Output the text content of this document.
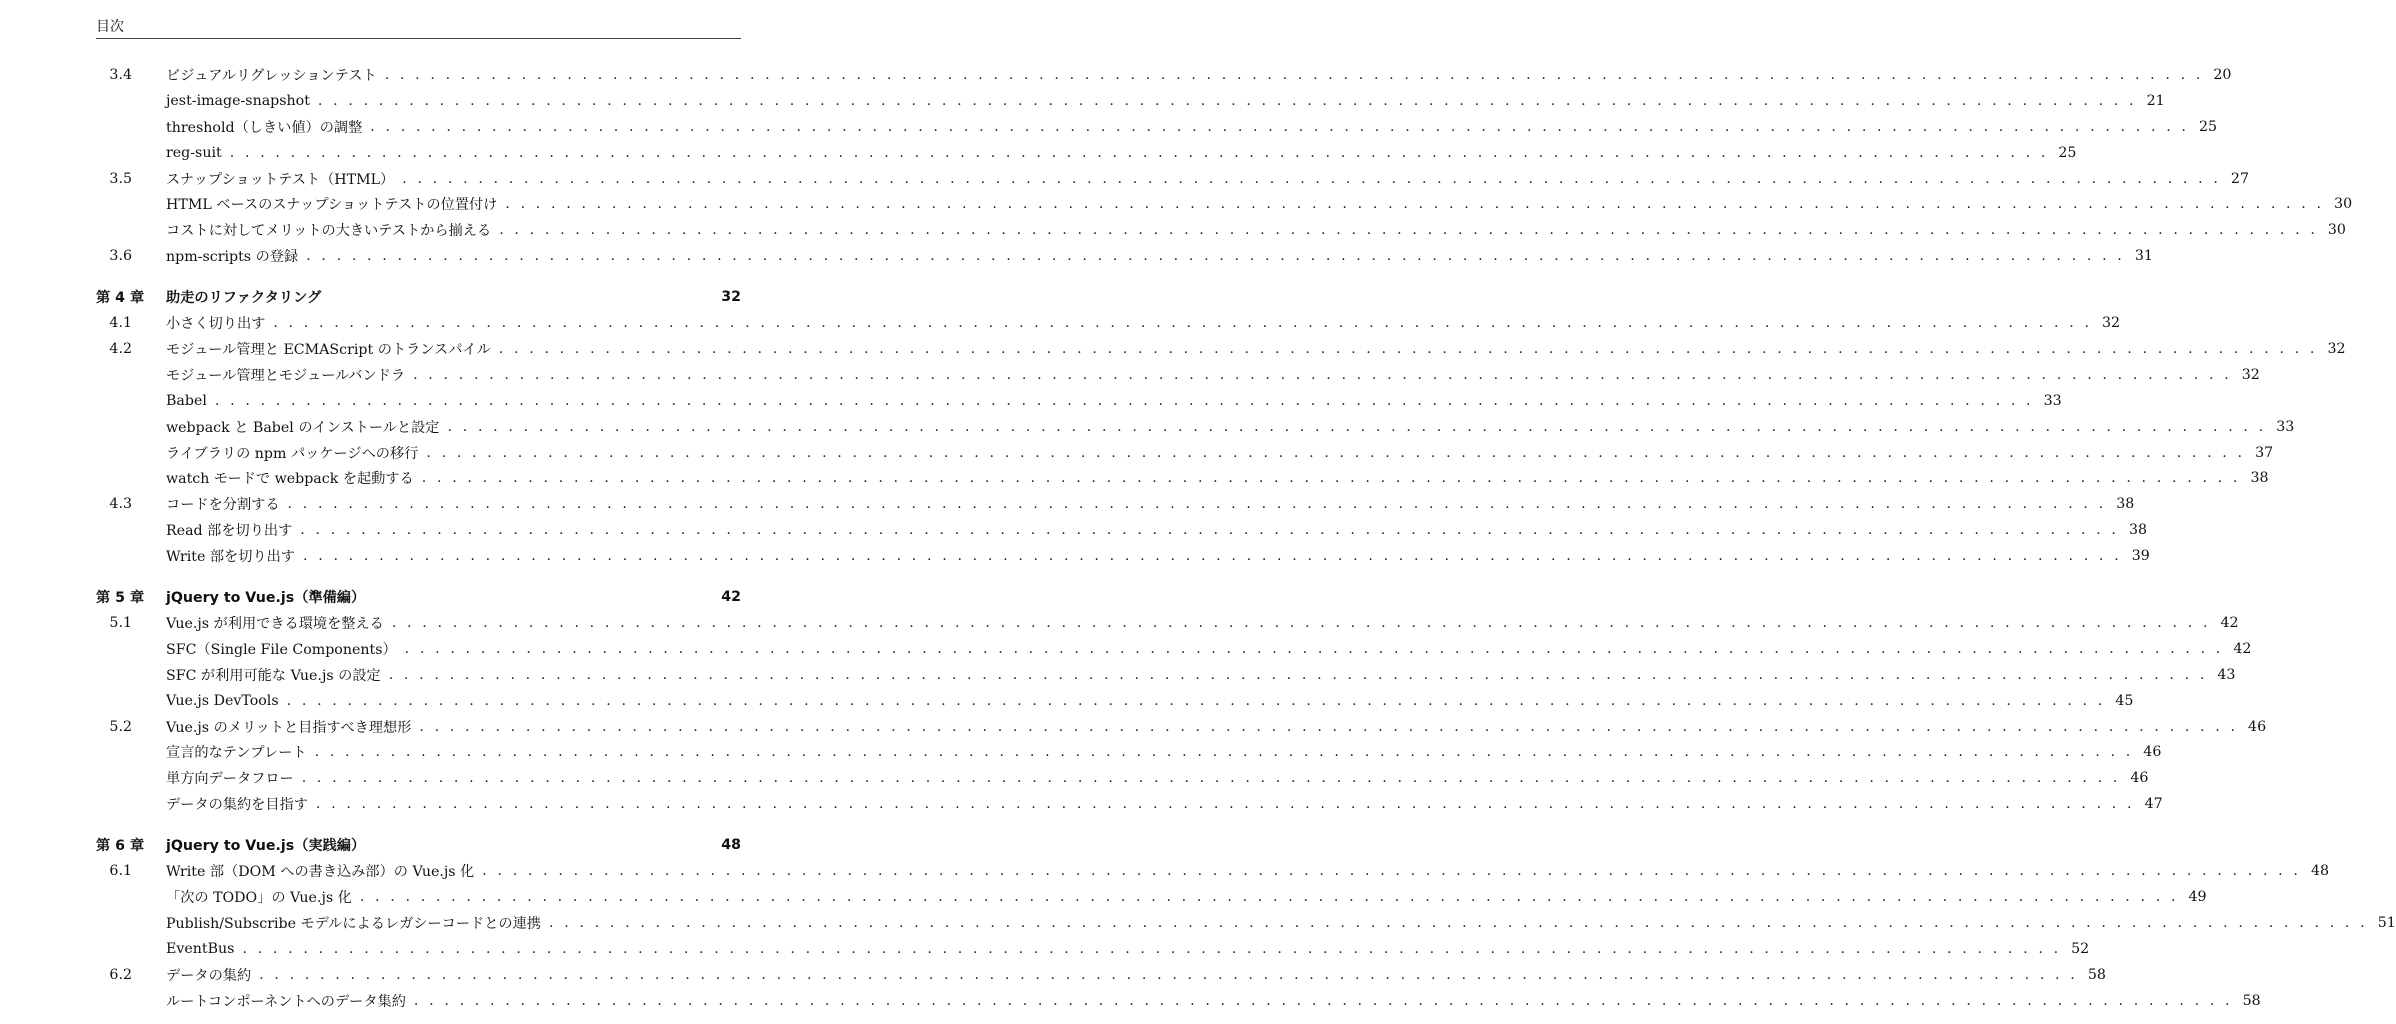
目次
3.4	ビジュアルリグレッションテスト . . . . . . . . . . . . . . . . . . . . . . . . . . . . . . . . . . . . . . . . . . . . . . . . . . . . . . . . . . . . . . . . . . . . . . . . . . . . . . . . . . . . . . . . . . . . . . . . . . . . . . . . . . . . . . . . . . . . . . . . 20
jest-image-snapshot . . . . . . . . . . . . . . . . . . . . . . . . . . . . . . . . . . . . . . . . . . . . . . . . . . . . . . . . . . . . . . . . . . . . . . . . . . . . . . . . . . . . . . . . . . . . . . . . . . . . . . . . . . . . . . . . . . . . . . . . 21
threshold（しきい値）の調整 . . . . . . . . . . . . . . . . . . . . . . . . . . . . . . . . . . . . . . . . . . . . . . . . . . . . . . . . . . . . . . . . . . . . . . . . . . . . . . . . . . . . . . . . . . . . . . . . . . . . . . . . . . . . . . . . . . . . . . . . 25
reg-suit . . . . . . . . . . . . . . . . . . . . . . . . . . . . . . . . . . . . . . . . . . . . . . . . . . . . . . . . . . . . . . . . . . . . . . . . . . . . . . . . . . . . . . . . . . . . . . . . . . . . . . . . . . . . . . . . . . . . . . . . 25
3.5	スナップショットテスト（HTML） . . . . . . . . . . . . . . . . . . . . . . . . . . . . . . . . . . . . . . . . . . . . . . . . . . . . . . . . . . . . . . . . . . . . . . . . . . . . . . . . . . . . . . . . . . . . . . . . . . . . . . . . . . . . . . . . . . . . . . . . 27
HTML ベースのスナップショットテストの位置付け . . . . . . . . . . . . . . . . . . . . . . . . . . . . . . . . . . . . . . . . . . . . . . . . . . . . . . . . . . . . . . . . . . . . . . . . . . . . . . . . . . . . . . . . . . . . . . . . . . . . . . . . . . . . . . . . . . . . . . . . 30
コストに対してメリットの大きいテストから揃える . . . . . . . . . . . . . . . . . . . . . . . . . . . . . . . . . . . . . . . . . . . . . . . . . . . . . . . . . . . . . . . . . . . . . . . . . . . . . . . . . . . . . . . . . . . . . . . . . . . . . . . . . . . . . . . . . . . . . . . . 30
3.6	npm-scripts の登録 . . . . . . . . . . . . . . . . . . . . . . . . . . . . . . . . . . . . . . . . . . . . . . . . . . . . . . . . . . . . . . . . . . . . . . . . . . . . . . . . . . . . . . . . . . . . . . . . . . . . . . . . . . . . . . . . . . . . . . . . 31
第 4 章	助走のリファクタリング	32
4.1	小さく切り出す . . . . . . . . . . . . . . . . . . . . . . . . . . . . . . . . . . . . . . . . . . . . . . . . . . . . . . . . . . . . . . . . . . . . . . . . . . . . . . . . . . . . . . . . . . . . . . . . . . . . . . . . . . . . . . . . . . . . . . . . 32
4.2	モジュール管理と ECMAScript のトランスパイル . . . . . . . . . . . . . . . . . . . . . . . . . . . . . . . . . . . . . . . . . . . . . . . . . . . . . . . . . . . . . . . . . . . . . . . . . . . . . . . . . . . . . . . . . . . . . . . . . . . . . . . . . . . . . . . . . . . . . . . . 32
モジュール管理とモジュールバンドラ . . . . . . . . . . . . . . . . . . . . . . . . . . . . . . . . . . . . . . . . . . . . . . . . . . . . . . . . . . . . . . . . . . . . . . . . . . . . . . . . . . . . . . . . . . . . . . . . . . . . . . . . . . . . . . . . . . . . . . . . 32
Babel . . . . . . . . . . . . . . . . . . . . . . . . . . . . . . . . . . . . . . . . . . . . . . . . . . . . . . . . . . . . . . . . . . . . . . . . . . . . . . . . . . . . . . . . . . . . . . . . . . . . . . . . . . . . . . . . . . . . . . . . 33
webpack と Babel のインストールと設定 . . . . . . . . . . . . . . . . . . . . . . . . . . . . . . . . . . . . . . . . . . . . . . . . . . . . . . . . . . . . . . . . . . . . . . . . . . . . . . . . . . . . . . . . . . . . . . . . . . . . . . . . . . . . . . . . . . . . . . . . 33
ライブラリの npm パッケージへの移行 . . . . . . . . . . . . . . . . . . . . . . . . . . . . . . . . . . . . . . . . . . . . . . . . . . . . . . . . . . . . . . . . . . . . . . . . . . . . . . . . . . . . . . . . . . . . . . . . . . . . . . . . . . . . . . . . . . . . . . . . 37
watch モードで webpack を起動する . . . . . . . . . . . . . . . . . . . . . . . . . . . . . . . . . . . . . . . . . . . . . . . . . . . . . . . . . . . . . . . . . . . . . . . . . . . . . . . . . . . . . . . . . . . . . . . . . . . . . . . . . . . . . . . . . . . . . . . . 38
4.3	コードを分割する . . . . . . . . . . . . . . . . . . . . . . . . . . . . . . . . . . . . . . . . . . . . . . . . . . . . . . . . . . . . . . . . . . . . . . . . . . . . . . . . . . . . . . . . . . . . . . . . . . . . . . . . . . . . . . . . . . . . . . . . 38
Read 部を切り出す . . . . . . . . . . . . . . . . . . . . . . . . . . . . . . . . . . . . . . . . . . . . . . . . . . . . . . . . . . . . . . . . . . . . . . . . . . . . . . . . . . . . . . . . . . . . . . . . . . . . . . . . . . . . . . . . . . . . . . . . 38
Write 部を切り出す . . . . . . . . . . . . . . . . . . . . . . . . . . . . . . . . . . . . . . . . . . . . . . . . . . . . . . . . . . . . . . . . . . . . . . . . . . . . . . . . . . . . . . . . . . . . . . . . . . . . . . . . . . . . . . . . . . . . . . . . 39
第 5 章	jQuery to Vue.js（準備編）	42
5.1	Vue.js が利用できる環境を整える . . . . . . . . . . . . . . . . . . . . . . . . . . . . . . . . . . . . . . . . . . . . . . . . . . . . . . . . . . . . . . . . . . . . . . . . . . . . . . . . . . . . . . . . . . . . . . . . . . . . . . . . . . . . . . . . . . . . . . . . 42
SFC（Single File Components） . . . . . . . . . . . . . . . . . . . . . . . . . . . . . . . . . . . . . . . . . . . . . . . . . . . . . . . . . . . . . . . . . . . . . . . . . . . . . . . . . . . . . . . . . . . . . . . . . . . . . . . . . . . . . . . . . . . . . . . . 42
SFC が利用可能な Vue.js の設定 . . . . . . . . . . . . . . . . . . . . . . . . . . . . . . . . . . . . . . . . . . . . . . . . . . . . . . . . . . . . . . . . . . . . . . . . . . . . . . . . . . . . . . . . . . . . . . . . . . . . . . . . . . . . . . . . . . . . . . . . 43
Vue.js DevTools . . . . . . . . . . . . . . . . . . . . . . . . . . . . . . . . . . . . . . . . . . . . . . . . . . . . . . . . . . . . . . . . . . . . . . . . . . . . . . . . . . . . . . . . . . . . . . . . . . . . . . . . . . . . . . . . . . . . . . . . 45
5.2	Vue.js のメリットと目指すべき理想形 . . . . . . . . . . . . . . . . . . . . . . . . . . . . . . . . . . . . . . . . . . . . . . . . . . . . . . . . . . . . . . . . . . . . . . . . . . . . . . . . . . . . . . . . . . . . . . . . . . . . . . . . . . . . . . . . . . . . . . . . 46
宣言的なテンプレート . . . . . . . . . . . . . . . . . . . . . . . . . . . . . . . . . . . . . . . . . . . . . . . . . . . . . . . . . . . . . . . . . . . . . . . . . . . . . . . . . . . . . . . . . . . . . . . . . . . . . . . . . . . . . . . . . . . . . . . . 46
単方向データフロー . . . . . . . . . . . . . . . . . . . . . . . . . . . . . . . . . . . . . . . . . . . . . . . . . . . . . . . . . . . . . . . . . . . . . . . . . . . . . . . . . . . . . . . . . . . . . . . . . . . . . . . . . . . . . . . . . . . . . . . . 46
データの集約を目指す . . . . . . . . . . . . . . . . . . . . . . . . . . . . . . . . . . . . . . . . . . . . . . . . . . . . . . . . . . . . . . . . . . . . . . . . . . . . . . . . . . . . . . . . . . . . . . . . . . . . . . . . . . . . . . . . . . . . . . . . 47
第 6 章	jQuery to Vue.js（実践編）	48
6.1	Write 部（DOM への書き込み部）の Vue.js 化 . . . . . . . . . . . . . . . . . . . . . . . . . . . . . . . . . . . . . . . . . . . . . . . . . . . . . . . . . . . . . . . . . . . . . . . . . . . . . . . . . . . . . . . . . . . . . . . . . . . . . . . . . . . . . . . . . . . . . . . . 48
「次の TODO」の Vue.js 化 . . . . . . . . . . . . . . . . . . . . . . . . . . . . . . . . . . . . . . . . . . . . . . . . . . . . . . . . . . . . . . . . . . . . . . . . . . . . . . . . . . . . . . . . . . . . . . . . . . . . . . . . . . . . . . . . . . . . . . . . 49
Publish/Subscribe モデルによるレガシーコードとの連携 . . . . . . . . . . . . . . . . . . . . . . . . . . . . . . . . . . . . . . . . . . . . . . . . . . . . . . . . . . . . . . . . . . . . . . . . . . . . . . . . . . . . . . . . . . . . . . . . . . . . . . . . . . . . . . . . . . . . . . . . 51
EventBus . . . . . . . . . . . . . . . . . . . . . . . . . . . . . . . . . . . . . . . . . . . . . . . . . . . . . . . . . . . . . . . . . . . . . . . . . . . . . . . . . . . . . . . . . . . . . . . . . . . . . . . . . . . . . . . . . . . . . . . . 52
6.2	データの集約 . . . . . . . . . . . . . . . . . . . . . . . . . . . . . . . . . . . . . . . . . . . . . . . . . . . . . . . . . . . . . . . . . . . . . . . . . . . . . . . . . . . . . . . . . . . . . . . . . . . . . . . . . . . . . . . . . . . . . . . . 58
ルートコンポーネントへのデータ集約 . . . . . . . . . . . . . . . . . . . . . . . . . . . . . . . . . . . . . . . . . . . . . . . . . . . . . . . . . . . . . . . . . . . . . . . . . . . . . . . . . . . . . . . . . . . . . . . . . . . . . . . . . . . . . . . . . . . . . . . . 58
